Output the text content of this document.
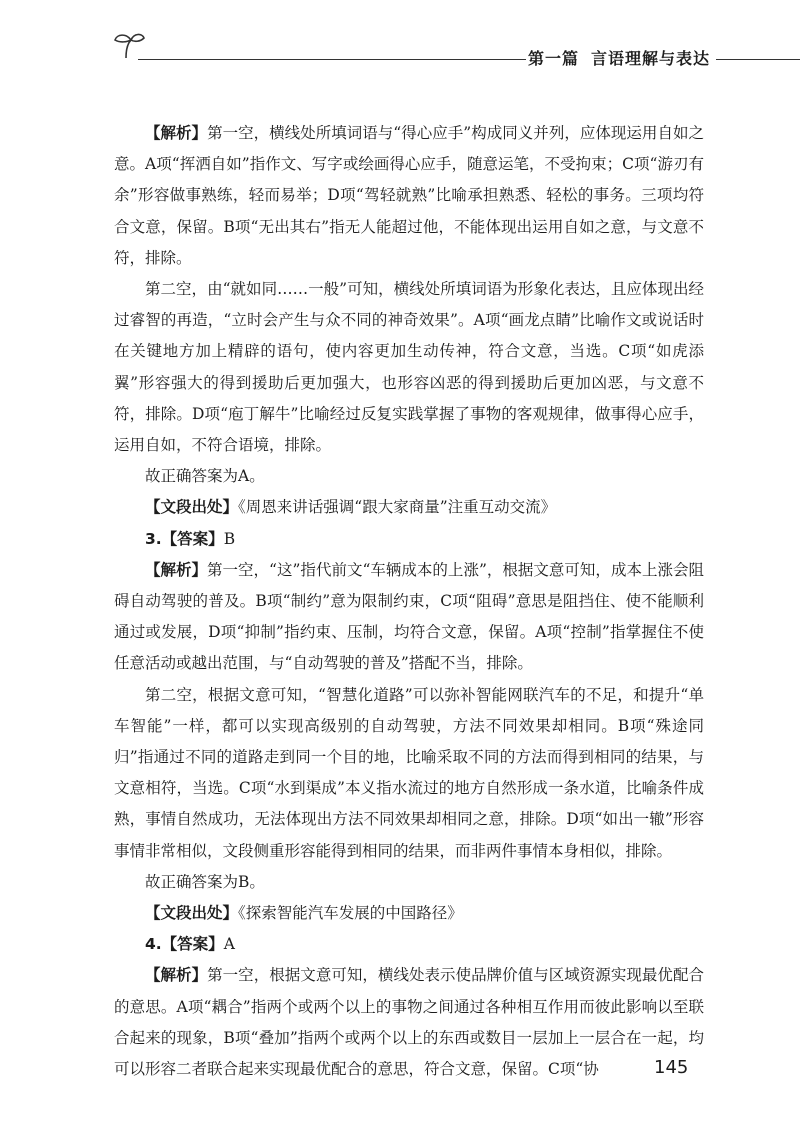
第一篇 言语理解与表达

【解析】第一空，横线处所填词语与“得心应手”构成同义并列，应体现运用自如之意。A项“挥洒自如”指作文、写字或绘画得心应手，随意运笔，不受拘束；C项“游刃有余”形容做事熟练，轻而易举；D项“驾轻就熟”比喻承担熟悉、轻松的事务。三项均符合文意，保留。B项“无出其右”指无人能超过他，不能体现出运用自如之意，与文意不符，排除。

第二空，由“就如同……一般”可知，横线处所填词语为形象化表达，且应体现出经过睿智的再造，“立时会产生与众不同的神奇效果”。A项“画龙点睛”比喻作文或说话时在关键地方加上精辟的语句，使内容更加生动传神，符合文意，当选。C项“如虎添翼”形容强大的得到援助后更加强大，也形容凶恶的得到援助后更加凶恶，与文意不符，排除。D项“庖丁解牛”比喻经过反复实践掌握了事物的客观规律，做事得心应手，运用自如，不符合语境，排除。

故正确答案为A。

【文段出处】《周恩来讲话强调“跟大家商量”注重互动交流》

3.【答案】B

【解析】第一空，“这”指代前文“车辆成本的上涨”，根据文意可知，成本上涨会阻碍自动驾驶的普及。B项“制约”意为限制约束，C项“阻碍”意思是阻挡住、使不能顺利通过或发展，D项“抑制”指约束、压制，均符合文意，保留。A项“控制”指掌握住不使任意活动或越出范围，与“自动驾驶的普及”搭配不当，排除。

第二空，根据文意可知，“智慧化道路”可以弥补智能网联汽车的不足，和提升“单车智能”一样，都可以实现高级别的自动驾驶，方法不同效果却相同。B项“殊途同归”指通过不同的道路走到同一个目的地，比喻采取不同的方法而得到相同的结果，与文意相符，当选。C项“水到渠成”本义指水流过的地方自然形成一条水道，比喻条件成熟，事情自然成功，无法体现出方法不同效果却相同之意，排除。D项“如出一辙”形容事情非常相似，文段侧重形容能得到相同的结果，而非两件事情本身相似，排除。

故正确答案为B。

【文段出处】《探索智能汽车发展的中国路径》

4.【答案】A

【解析】第一空，根据文意可知，横线处表示使品牌价值与区域资源实现最优配合的意思。A项“耦合”指两个或两个以上的事物之间通过各种相互作用而彼此影响以至联合起来的现象，B项“叠加”指两个或两个以上的东西或数目一层加上一层合在一起，均可以形容二者联合起来实现最优配合的意思，符合文意，保留。C项“协	145
